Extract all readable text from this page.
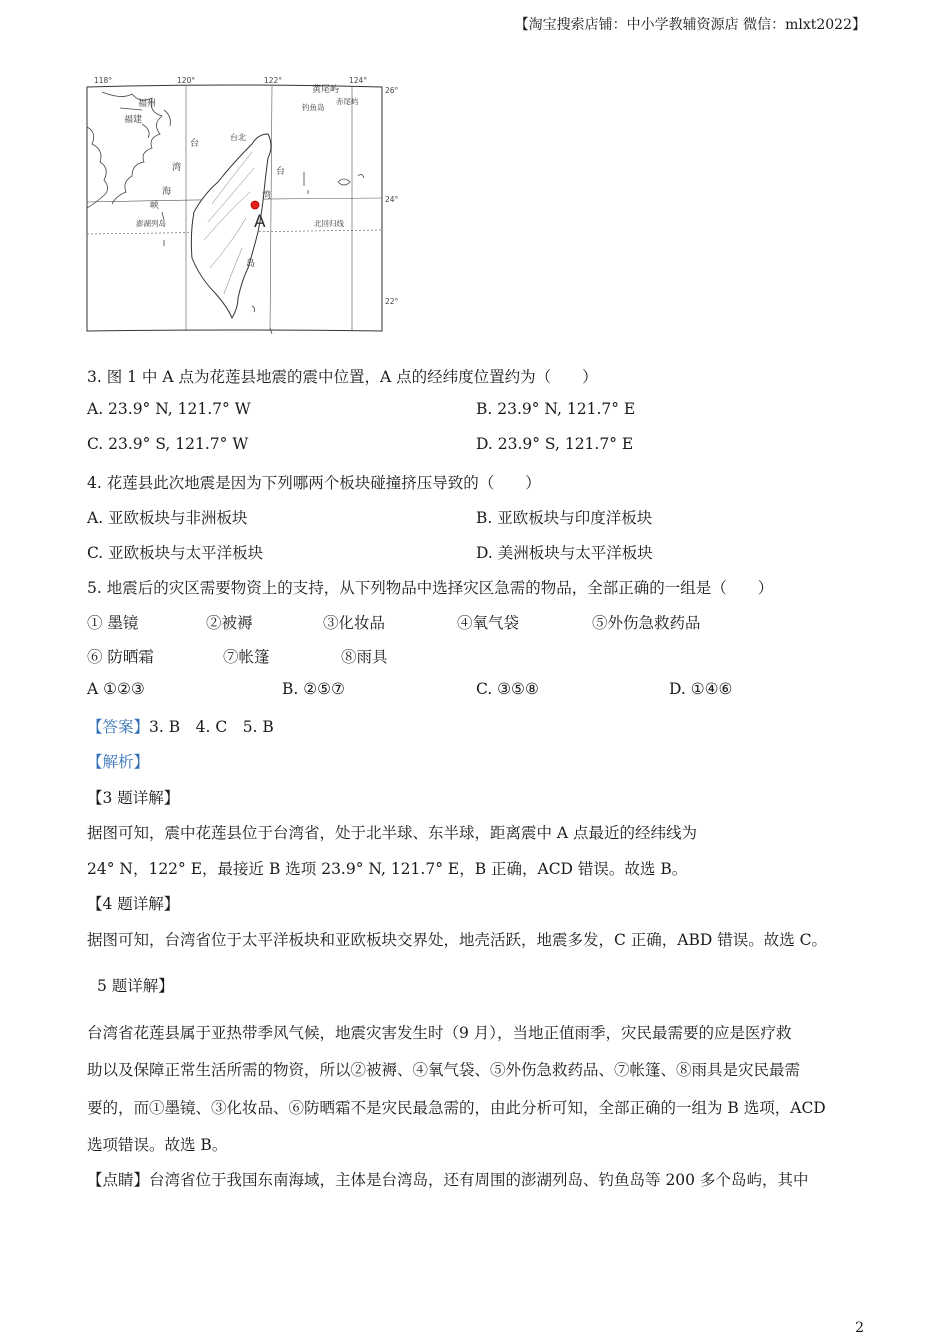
【淘宝搜索店铺：中小学教辅资源店 微信：mlxt2022】
118°	120°	122°	124°
26°
24°
22°
福州
福建
台
湾
海
峡
台北
台
湾
岛
黄尾屿
钓鱼岛
赤尾屿
澎湖列岛	北回归线
A
3. 图 1 中 A 点为花莲县地震的震中位置，A 点的经纬度位置约为（　　）
A. 23.9° N, 121.7° W	B. 23.9° N, 121.7° E
C. 23.9° S, 121.7° W	D. 23.9° S, 121.7° E
4. 花莲县此次地震是因为下列哪两个板块碰撞挤压导致的（　　）
A. 亚欧板块与非洲板块	B. 亚欧板块与印度洋板块
C. 亚欧板块与太平洋板块	D. 美洲板块与太平洋板块
5. 地震后的灾区需要物资上的支持，从下列物品中选择灾区急需的物品，全部正确的一组是（　　）
① 墨镜	②被褥	③化妆品	④氧气袋	⑤外伤急救药品
⑥ 防晒霜	⑦帐篷	⑧雨具
A ①②③	B. ②⑤⑦	C. ③⑤⑧	D. ①④⑥
【答案】3. B　4. C　5. B
【解析】
【3 题详解】
据图可知，震中花莲县位于台湾省，处于北半球、东半球，距离震中 A 点最近的经纬线为
24° N，122° E，最接近 B 选项 23.9° N, 121.7° E，B 正确，ACD 错误。故选 B。
【4 题详解】
据图可知，台湾省位于太平洋板块和亚欧板块交界处，地壳活跃，地震多发，C 正确，ABD 错误。故选 C。
5 题详解】
台湾省花莲县属于亚热带季风气候，地震灾害发生时（9 月），当地正值雨季，灾民最需要的应是医疗救
助以及保障正常生活所需的物资，所以②被褥、④氧气袋、⑤外伤急救药品、⑦帐篷、⑧雨具是灾民最需
要的，而①墨镜、③化妆品、⑥防晒霜不是灾民最急需的，由此分析可知，全部正确的一组为 B 选项，ACD
选项错误。故选 B。
【点睛】台湾省位于我国东南海域，主体是台湾岛，还有周围的澎湖列岛、钓鱼岛等 200 多个岛屿，其中
2
